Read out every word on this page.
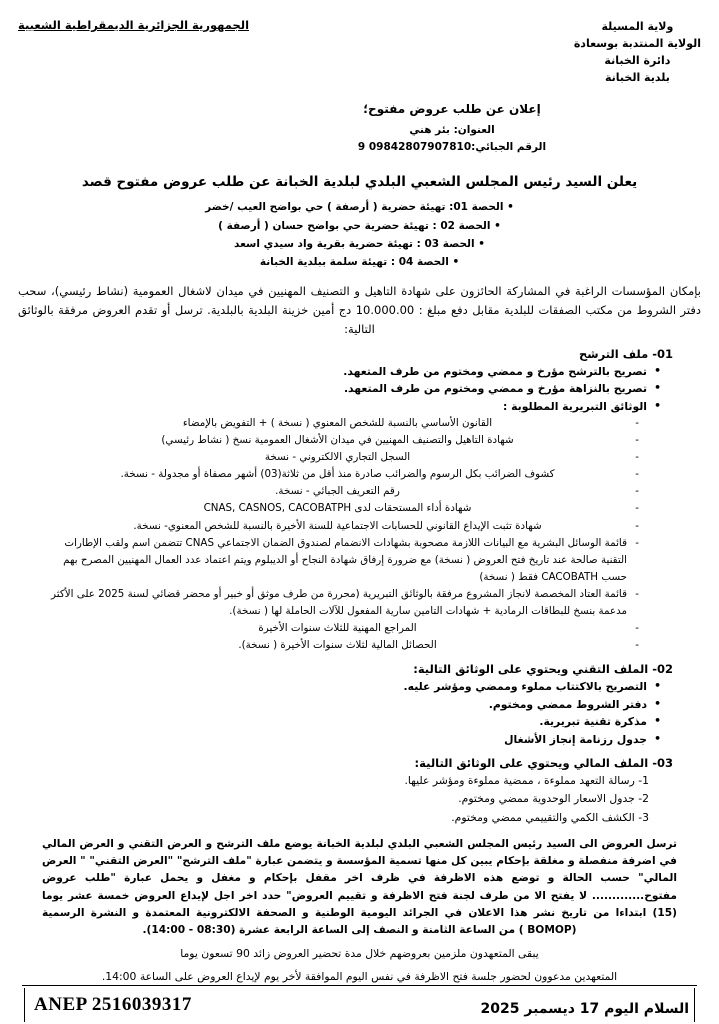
الجمهورية الجزائرية الديمقراطية الشعبية	ولاية المسيلة
الولاية المنتدبة بوسعادة
دائرة الخبانة
بلدية الخبانة
إعلان عن طلب عروض مفتوح؛
العنوان: بئر هني
الرقم الجبائي:09842807907810 9
يعلن السيد رئيس المجلس الشعبي البلدي لبلدية الخبانة عن طلب عروض مفتوح قصد
• الحصة 01: تهيئة حضرية ( أرصفة ) حي بواضح العيب /خضر
• الحصة 02 : تهيئة حضرية حي بواضح حسان ( أرصفة )
• الحصة 03 : تهيئة حضرية بقرية واد سيدي اسعد
• الحصة 04 : تهيئة سلمة ببلدية الخبانة
بإمكان المؤسسات الراغبة في المشاركة الحائزون على شهادة التاهيل و التصنيف المهنيين في ميدان لاشغال العمومية (نشاط رئيسي)، سحب دفتر الشروط من مكتب الصفقات للبلدية مقابل دفع مبلغ : 10.000.00 دج أمين خزينة البلدية بالبلدية. ترسل أو تقدم العروض مرفقة بالوثائق التالية:
01- ملف الترشح
• تصريح بالترشح مؤرخ و ممضي ومختوم من طرف المتعهد.
• تصريح بالنزاهة مؤرخ و ممضي ومختوم من طرف المتعهد.
• الوثائق التبريرية المطلوبة :
- القانون الأساسي بالنسبة للشخص المعنوي ( نسخة ) + التفويض بالإمضاء
- شهادة التاهيل والتصنيف المهنيين في ميدان الأشغال العمومية نسخ ( نشاط رئيسي)
- السجل التجاري الالكتروني - نسخة
- كشوف الضرائب بكل الرسوم والضرائب صادرة منذ أقل من ثلاثة(03) أشهر مصفاة أو مجدولة - نسخة.
- رقم التعريف الجبائي - نسخة.
- شهادة أداء المستحقات لدى CNAS, CASNOS, CACOBATPH
- شهادة تثبت الإيداع القانوني للحسابات الاجتماعية للسنة الأخيرة بالنسبة للشخص المعنوي- نسخة.
- قائمة الوسائل البشرية مع البيانات اللازمة مصحوبة بشهادات الانضمام لصندوق الضمان الاجتماعي CNAS تتضمن اسم ولقب الإطارات التقنية صالحة عند تاريخ فتح العروض ( نسخة) مع ضرورة إرفاق شهادة النجاح أو الديبلوم ويتم اعتماد عدد العمال المهنيين المصرح بهم حسب CACOBATH فقط ( نسخة)
- قائمة العتاد المخصصة لانجاز المشروع مرفقة بالوثائق التبريرية (محررة من طرف موثق أو خبير أو محضر قضائي لسنة 2025 على الأكثر مدعمة بنسخ للبطاقات الرمادية + شهادات التامين سارية المفعول للآلات الحاملة لها ( نسخة).
- المراجع المهنية للثلاث سنوات الأخيرة
- الحصائل المالية لثلاث سنوات الأخيرة ( نسخة).
02- الملف التقني ويحتوي على الوثائق التالية:
• التصريح بالاكتتاب مملوء وممضي ومؤشر عليه.
• دفتر الشروط ممضي ومختوم.
• مذكرة تقنية تبريرية.
• جدول رزنامة إنجاز الأشغال
03- الملف المالي ويحتوي على الوثائق التالية:
1- رسالة التعهد مملوءة ، ممضية مملوءة ومؤشر عليها.
2- جدول الاسعار الوحدوية ممضي ومختوم.
3- الكشف الكمي والتقييمي ممضي ومختوم.
ترسل العروض الى السيد رئيس المجلس الشعبي البلدي لبلدية الخبانة يوضع ملف الترشح و العرض التقني و العرض المالي في اضرفة منفصلة و مغلقة بإحكام يبين كل منها تسمية المؤسسة و يتضمن عبارة "ملف الترشح" "العرض التقني" " العرض المالي" حسب الحالة و توضع هذه الاظرفة في ظرف اخر مقفل بإحكام و مغفل و يحمل عبارة "طلب عروض مفتوح............. لا يفتح الا من طرف لجنة فتح الاظرفة و تقييم العروض" حدد اخر اجل لإيداع العروض خمسة عشر يوما (15) ابتداءا من تاريخ نشر هذا الاعلان في الجرائد اليومية الوطنية و الصحفة الالكترونية المعتمدة و النشرة الرسمية (BOMOP ) من الساعة الثامنة و النصف إلى الساعة الرابعة عشرة (08:30 - 14:00).
يبقى المتعهدون ملزمين بعروضهم خلال مدة تحضير العروض زائد 90 تسعون يوما
المتعهدين مدعوون لحضور جلسة فتح الاظرفة في نفس اليوم الموافقة لأخر يوم لإيداع العروض على الساعة 14:00.
ANEP 2516039317	السلام اليوم 17 ديسمبر 2025
